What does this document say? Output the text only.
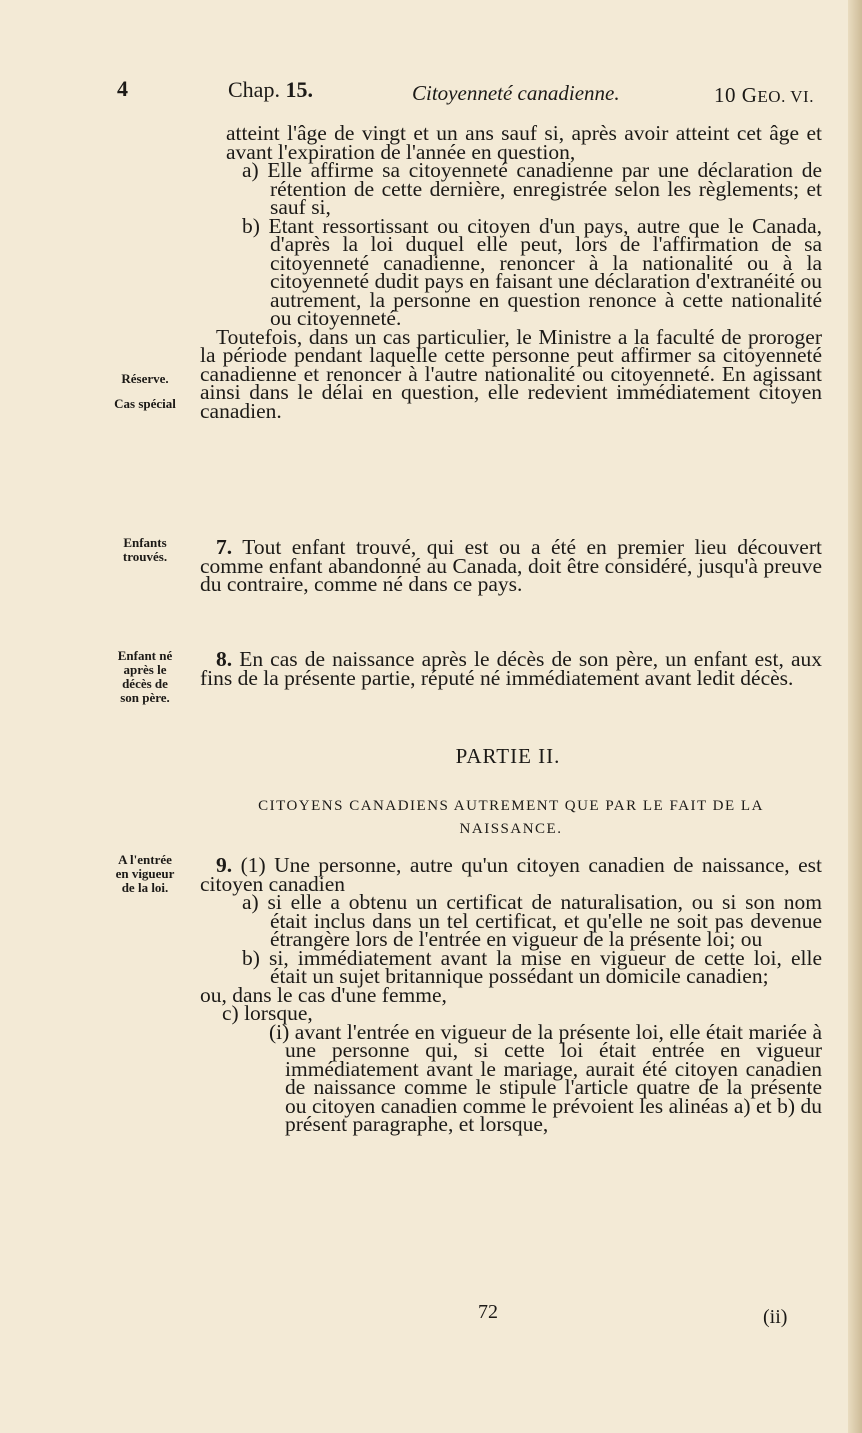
4	Chap. 15.	Citoyenneté canadienne.	10 GEO. VI.
Réserve.
Cas spécial
Enfants
trouvés.
Enfant né
après le
décès de
son père.
A l'entrée
en vigueur
de la loi.

atteint l'âge de vingt et un ans sauf si, après avoir atteint cet âge et avant l'expiration de l'année en question,

a) Elle affirme sa citoyenneté canadienne par une déclaration de rétention de cette dernière, enregistrée selon les règlements; et sauf si,

b) Etant ressortissant ou citoyen d'un pays, autre que le Canada, d'après la loi duquel elle peut, lors de l'affirmation de sa citoyenneté canadienne, renoncer à la nationalité ou à la citoyenneté dudit pays en faisant une déclaration d'extranéité ou autrement, la personne en question renonce à cette nationalité ou citoyenneté.

Toutefois, dans un cas particulier, le Ministre a la faculté de proroger la période pendant laquelle cette personne peut affirmer sa citoyenneté canadienne et renoncer à l'autre nationalité ou citoyenneté. En agissant ainsi dans le délai en question, elle redevient immédiatement citoyen canadien.

7. Tout enfant trouvé, qui est ou a été en premier lieu découvert comme enfant abandonné au Canada, doit être considéré, jusqu'à preuve du contraire, comme né dans ce pays.

8. En cas de naissance après le décès de son père, un enfant est, aux fins de la présente partie, réputé né immédiatement avant ledit décès.

PARTIE II.
CITOYENS CANADIENS AUTREMENT QUE PAR LE FAIT DE LA
NAISSANCE.

9. (1) Une personne, autre qu'un citoyen canadien de naissance, est citoyen canadien

a) si elle a obtenu un certificat de naturalisation, ou si son nom était inclus dans un tel certificat, et qu'elle ne soit pas devenue étrangère lors de l'entrée en vigueur de la présente loi; ou

b) si, immédiatement avant la mise en vigueur de cette loi, elle était un sujet britannique possédant un domicile canadien;

ou, dans le cas d'une femme,

c) lorsque,

(i) avant l'entrée en vigueur de la présente loi, elle était mariée à une personne qui, si cette loi était entrée en vigueur immédiatement avant le mariage, aurait été citoyen canadien de naissance comme le stipule l'article quatre de la présente ou citoyen canadien comme le prévoient les alinéas a) et b) du présent paragraphe, et lorsque,

72	(ii)
